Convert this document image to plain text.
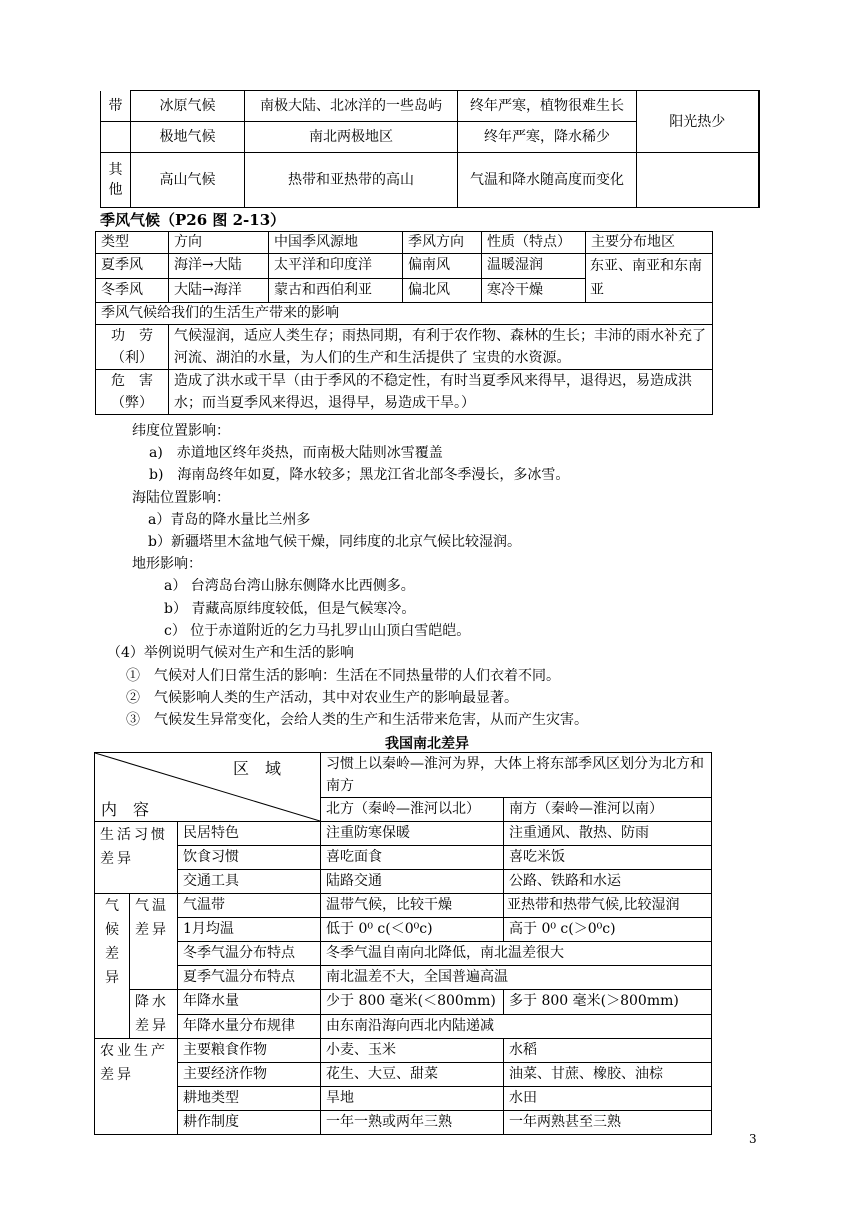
带	冰原气候	南极大陆、北冰洋的一些岛屿	终年严寒，植物很难生长	阳光热少
	极地气候	南北两极地区	终年严寒，降水稀少	
其他	高山气候	热带和亚热带的高山	气温和降水随高度而变化	
季风气候（P26 图 2-13）
类型	方向	中国季风源地	季风方向	性质（特点）	主要分布地区
夏季风	海洋→大陆	太平洋和印度洋	偏南风	温暖湿润	东亚、南亚和东南亚
冬季风	大陆→海洋	蒙古和西伯利亚	偏北风	寒冷干燥	
季风气候给我们的生活生产带来的影响					
功　劳（利）	气候湿润，适应人类生存；雨热同期，有利于农作物、森林的生长；丰沛的雨水补充了河流、湖泊的水量，为人们的生产和生活提供了 宝贵的水资源。				
危　害（弊）	造成了洪水或干旱（由于季风的不稳定性，有时当夏季风来得早，退得迟，易造成洪水；而当夏季风来得迟，退得早，易造成干旱。）				
纬度位置影响：
a)　赤道地区终年炎热，而南极大陆则冰雪覆盖
b)　海南岛终年如夏，降水较多；黑龙江省北部冬季漫长，多冰雪。
海陆位置影响：
a）青岛的降水量比兰州多
b）新疆塔里木盆地气候干燥，同纬度的北京气候比较湿润。
地形影响：
a） 台湾岛台湾山脉东侧降水比西侧多。
b） 青藏高原纬度较低，但是气候寒冷。
c） 位于赤道附近的乞力马扎罗山山顶白雪皑皑。
（4）举例说明气候对生产和生活的影响
①　气候对人们日常生活的影响：生活在不同热量带的人们衣着不同。
②　气候影响人类的生产活动，其中对农业生产的影响最显著。
③　气候发生异常变化，会给人类的生产和生活带来危害，从而产生灾害。
我国南北差异
区　域
内　容			习惯上以秦岭—淮河为界，大体上将东部季风区划分为北方和南方	
			北方（秦岭—淮河以北）	南方（秦岭—淮河以南）
生活习惯差异		民居特色	注重防寒保暖	注重通风、散热、防雨
		饮食习惯	喜吃面食	喜吃米饭
		交通工具	陆路交通	公路、铁路和水运
气候差异	气温差异	气温带	温带气候，比较干燥	亚热带和热带气候,比较湿润
		1月均温	低于 0⁰ c(＜0⁰c)	高于 0⁰ c(＞0⁰c)
		冬季气温分布特点	冬季气温自南向北降低，南北温差很大	
		夏季气温分布特点	南北温差不大，全国普遍高温	
	降水差异	年降水量	少于 800 毫米(＜800mm)	多于 800 毫米(＞800mm)
		年降水量分布规律	由东南沿海向西北内陆递减	
农业生产差异		主要粮食作物	小麦、玉米	水稻
		主要经济作物	花生、大豆、甜菜	油菜、甘蔗、橡胶、油棕
		耕地类型	旱地	水田
		耕作制度	一年一熟或两年三熟	一年两熟甚至三熟
3
